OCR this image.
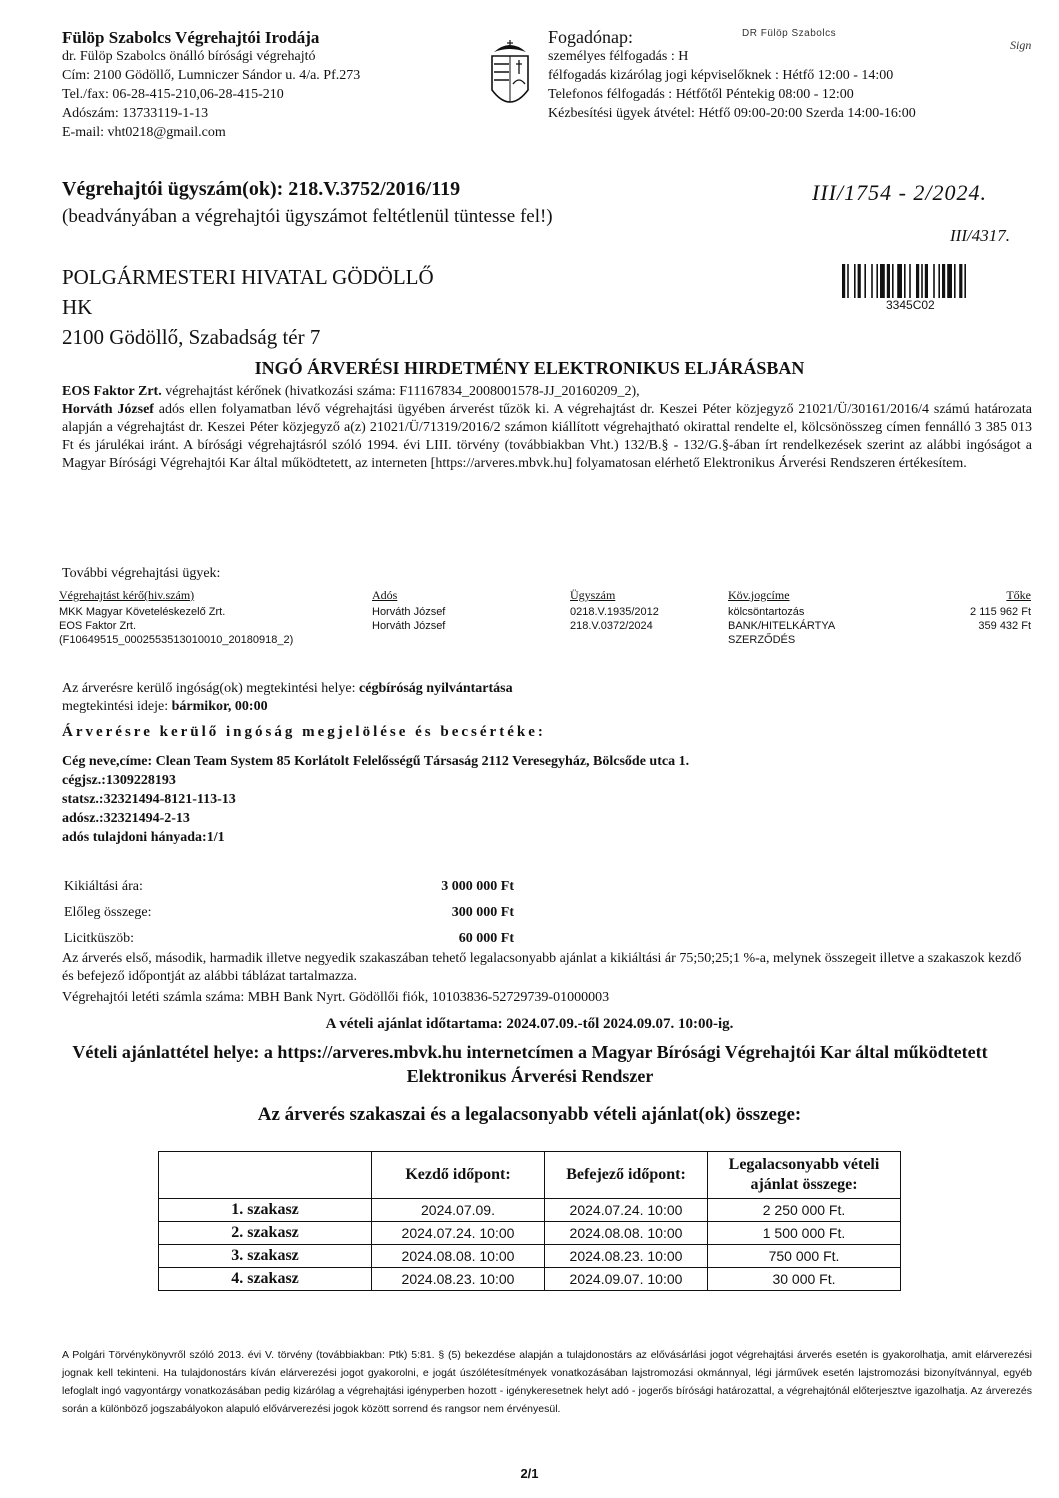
Fülöp Szabolcs Végrehajtói Irodája
dr. Fülöp Szabolcs önálló bírósági végrehajtó
Cím: 2100 Gödöllő, Lumniczer Sándor u. 4/a. Pf.273
Tel./fax: 06-28-415-210,06-28-415-210
Adószám: 13733119-1-13
E-mail: vht0218@gmail.com
Fogadónap:
személyes félfogadás : H
félfogadás kizárólag jogi képviselőknek : Hétfő 12:00 - 14:00
Telefonos félfogadás : Hétfőtől Péntekig 08:00 - 12:00
Kézbesítési ügyek átvétel: Hétfő 09:00-20:00 Szerda 14:00-16:00
DR Fülöp Szabolcs
Sign
Végrehajtói ügyszám(ok): 218.V.3752/2016/119
(beadványában a végrehajtói ügyszámot feltétlenül tüntesse fel!)
III/1754 - 2/2024.
III/4317.
POLGÁRMESTERI HIVATAL GÖDÖLLŐ
HK
2100 Gödöllő, Szabadság tér 7
3345C02
INGÓ ÁRVERÉSI HIRDETMÉNY ELEKTRONIKUS ELJÁRÁSBAN
EOS Faktor Zrt. végrehajtást kérőnek (hivatkozási száma: F11167834_2008001578-JJ_20160209_2),
Horváth József adós ellen folyamatban lévő végrehajtási ügyében árverést tűzök ki. A végrehajtást dr. Keszei Péter közjegyző 21021/Ü/30161/2016/4 számú határozata alapján a végrehajtást dr. Keszei Péter közjegyző a(z) 21021/Ü/71319/2016/2 számon kiállított végrehajtható okirattal rendelte el, kölcsönösszeg címen fennálló 3 385 013 Ft és járulékai iránt. A bírósági végrehajtásról szóló 1994. évi LIII. törvény (továbbiakban Vht.) 132/B.§ - 132/G.§-ában írt rendelkezések szerint az alábbi ingóságot a Magyar Bírósági Végrehajtói Kar által működtetett, az interneten [https://arveres.mbvk.hu] folyamatosan elérhető Elektronikus Árverési Rendszeren értékesítem.
További végrehajtási ügyek:
Végrehajtást kérő(hiv.szám)	Adós	Ügyszám	Köv.jogcíme	Tőke
MKK Magyar Követeléskezelő Zrt.	Horváth József	0218.V.1935/2012	kölcsöntartozás	2 115 962 Ft
EOS Faktor Zrt.	Horváth József	218.V.0372/2024	BANK/HITELKÁRTYA	359 432 Ft
(F10649515_0002553513010010_20180918_2)			SZERZŐDÉS	
Az árverésre kerülő ingóság(ok) megtekintési helye: cégbíróság nyilvántartása
megtekintési ideje: bármikor, 00:00
Árverésre kerülő ingóság megjelölése és becsértéke:
Cég neve,címe: Clean Team System 85 Korlátolt Felelősségű Társaság 2112 Veresegyház, Bölcsőde utca 1.
cégjsz.:1309228193
statsz.:32321494-8121-113-13
adósz.:32321494-2-13
adós tulajdoni hányada:1/1
Kikiáltási ára:	3 000 000 Ft
Előleg összege:	300 000 Ft
Licitküszöb:	60 000 Ft
Az árverés első, második, harmadik illetve negyedik szakaszában tehető legalacsonyabb ajánlat a kikiáltási ár 75;50;25;1 %-a, melynek összegeit illetve a szakaszok kezdő és befejező időpontját az alábbi táblázat tartalmazza.
Végrehajtói letéti számla száma: MBH Bank Nyrt. Gödöllői fiók, 10103836-52729739-01000003
A vételi ajánlat időtartama: 2024.07.09.-től 2024.09.07. 10:00-ig.
Vételi ajánlattétel helye: a https://arveres.mbvk.hu internetcímen a Magyar Bírósági Végrehajtói Kar által működtetett Elektronikus Árverési Rendszer
Az árverés szakaszai és a legalacsonyabb vételi ajánlat(ok) összege:
	Kezdő időpont:	Befejező időpont:	Legalacsonyabb vételi ajánlat összege:
1. szakasz	2024.07.09.	2024.07.24. 10:00	2 250 000 Ft.
2. szakasz	2024.07.24. 10:00	2024.08.08. 10:00	1 500 000 Ft.
3. szakasz	2024.08.08. 10:00	2024.08.23. 10:00	750 000 Ft.
4. szakasz	2024.08.23. 10:00	2024.09.07. 10:00	30 000 Ft.
A Polgári Törvénykönyvről szóló 2013. évi V. törvény (továbbiakban: Ptk) 5:81. § (5) bekezdése alapján a tulajdonostárs az elővásárlási jogot végrehajtási árverés esetén is gyakorolhatja, amit elárverezési jognak kell tekinteni. Ha tulajdonostárs kíván elárverezési jogot gyakorolni, e jogát úszólétesítmények vonatkozásában lajstromozási okmánnyal, légi járművek esetén lajstromozási bizonyítvánnyal, egyéb lefoglalt ingó vagyontárgy vonatkozásában pedig kizárólag a végrehajtási igényperben hozott - igénykeresetnek helyt adó - jogerős bírósági határozattal, a végrehajtónál előterjesztve igazolhatja. Az árverezés során a különböző jogszabályokon alapuló elővárverezési jogok között sorrend és rangsor nem érvényesül.
2/1
